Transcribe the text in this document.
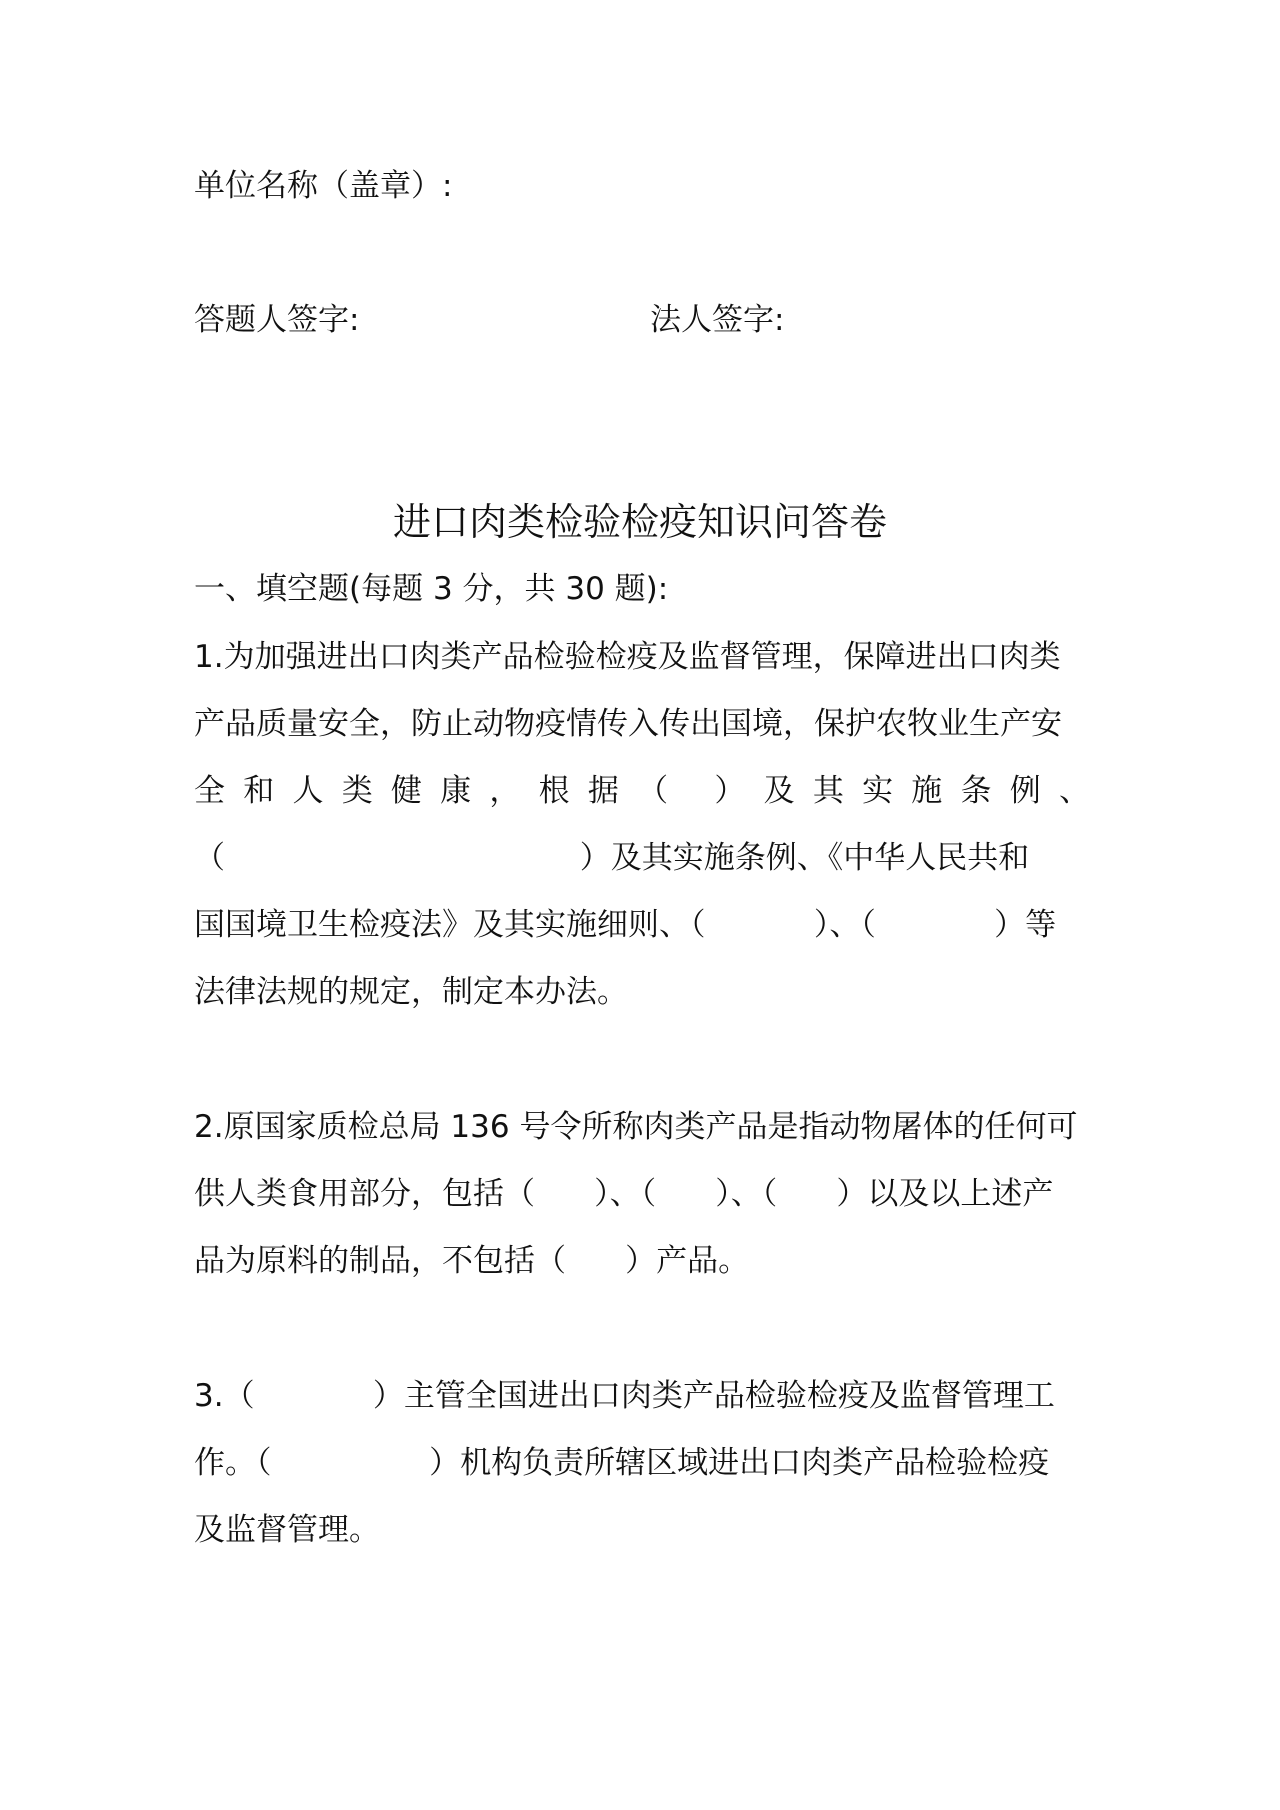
单位名称（盖章）:
答题人签字:	法人签字:
进口肉类检验检疫知识问答卷
一、填空题(每题 3 分，共 30 题):
1.为加强进出口肉类产品检验检疫及监督管理，保障进出口肉类
产品质量安全，防止动物疫情传入传出国境，保护农牧业生产安
全和人类健康，根据（ ）及其实施条例、
（                                    ）及其实施条例、《中华人民共和
国国境卫生检疫法》及其实施细则、（           ）、（            ）等
法律法规的规定，制定本办法。
2.原国家质检总局 136 号令所称肉类产品是指动物屠体的任何可
供人类食用部分，包括（      ）、（      ）、（      ）以及以上述产
品为原料的制品，不包括（      ）产品。
3.（            ）主管全国进出口肉类产品检验检疫及监督管理工
作。（                ）机构负责所辖区域进出口肉类产品检验检疫
及监督管理。
